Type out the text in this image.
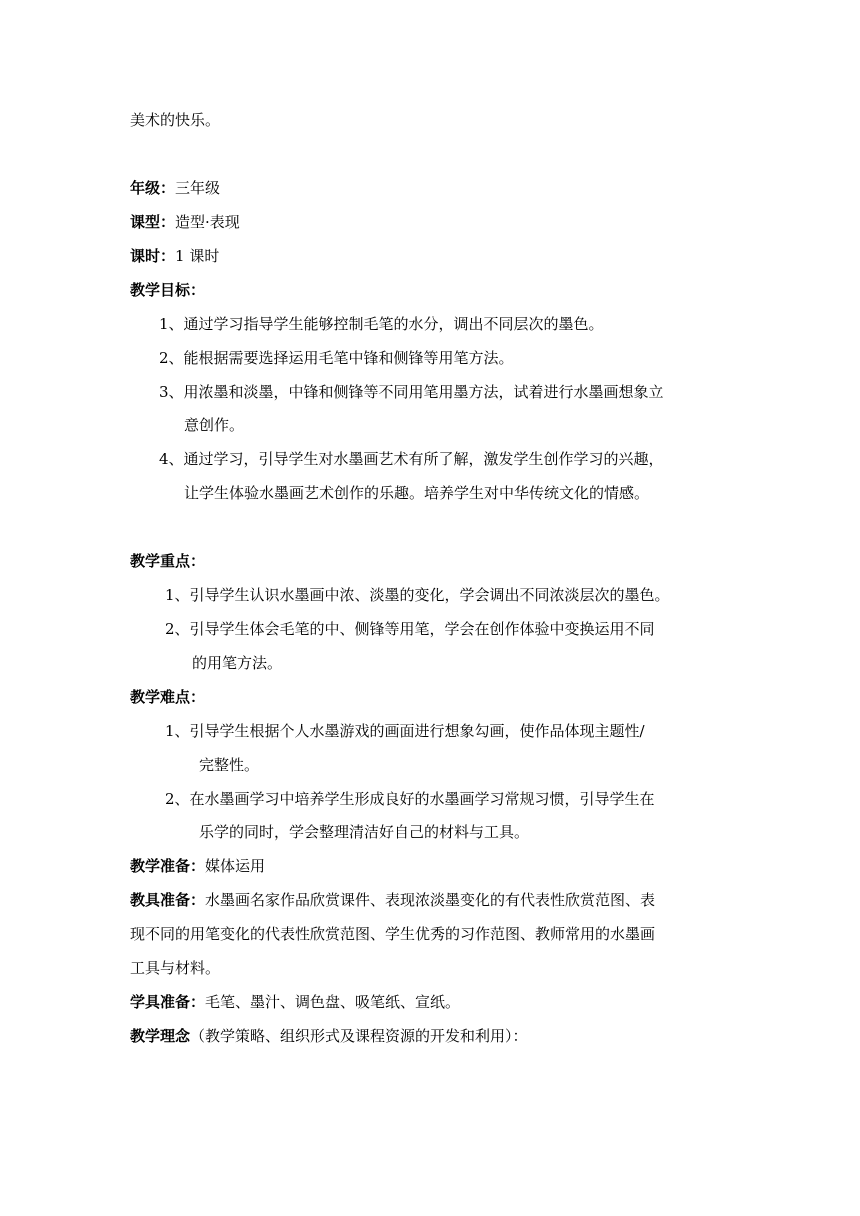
美术的快乐。
年级：三年级
课型：造型·表现
课时：1 课时
教学目标：
1、通过学习指导学生能够控制毛笔的水分，调出不同层次的墨色。
2、能根据需要选择运用毛笔中锋和侧锋等用笔方法。
3、用浓墨和淡墨，中锋和侧锋等不同用笔用墨方法，试着进行水墨画想象立
意创作。
4、通过学习，引导学生对水墨画艺术有所了解，激发学生创作学习的兴趣，
让学生体验水墨画艺术创作的乐趣。培养学生对中华传统文化的情感。
教学重点：
1、引导学生认识水墨画中浓、淡墨的变化，学会调出不同浓淡层次的墨色。
2、引导学生体会毛笔的中、侧锋等用笔，学会在创作体验中变换运用不同
的用笔方法。
教学难点：
1、引导学生根据个人水墨游戏的画面进行想象勾画，使作品体现主题性/
完整性。
2、在水墨画学习中培养学生形成良好的水墨画学习常规习惯，引导学生在
乐学的同时，学会整理清洁好自己的材料与工具。
教学准备：媒体运用
教具准备：水墨画名家作品欣赏课件、表现浓淡墨变化的有代表性欣赏范图、表
现不同的用笔变化的代表性欣赏范图、学生优秀的习作范图、教师常用的水墨画
工具与材料。
学具准备：毛笔、墨汁、调色盘、吸笔纸、宣纸。
教学理念（教学策略、组织形式及课程资源的开发和利用）：
